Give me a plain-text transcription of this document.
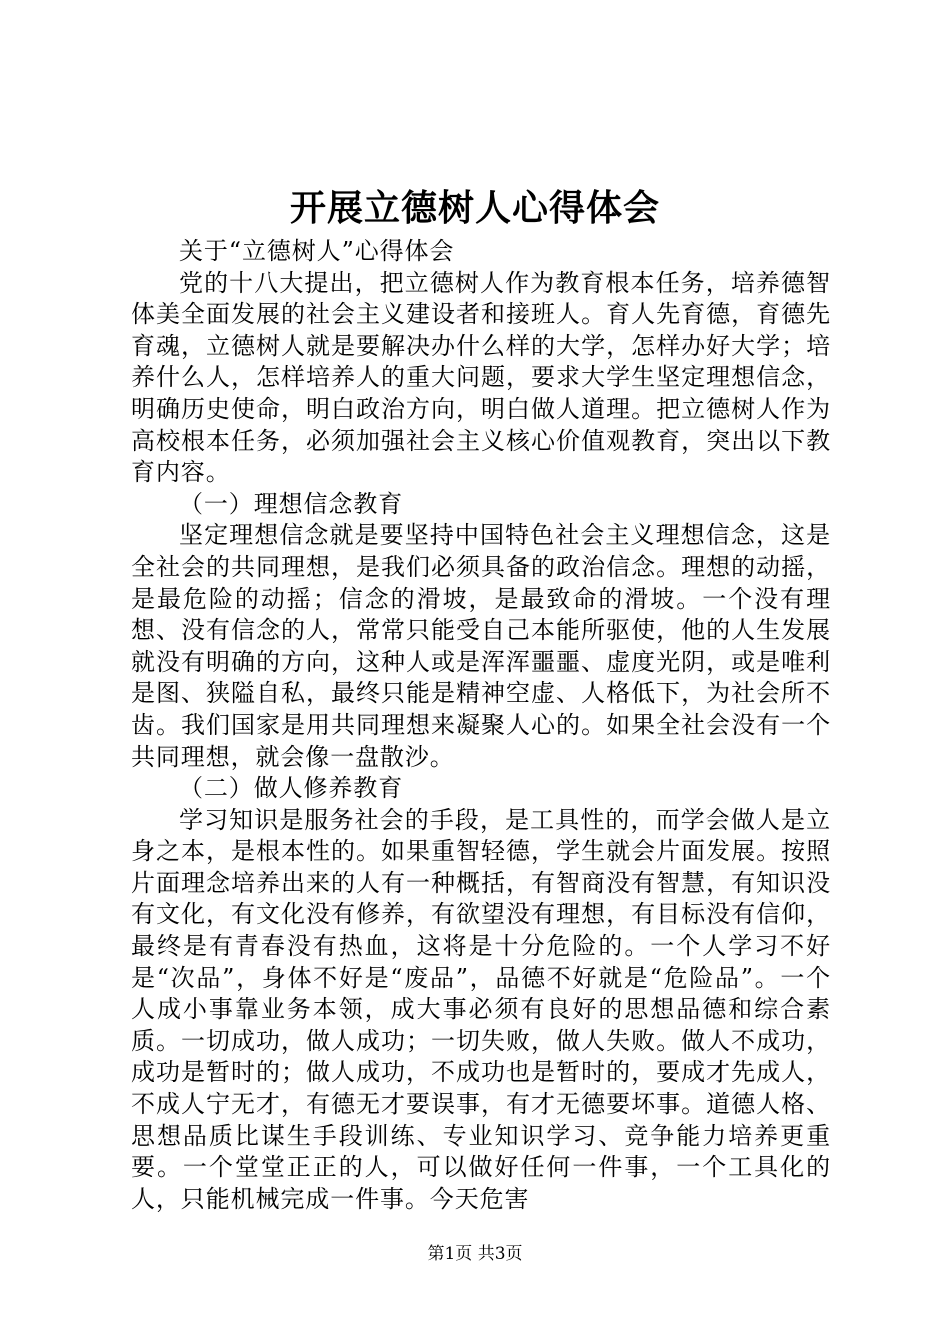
开展立德树人心得体会

关于“立德树人”心得体会

党的十八大提出，把立德树人作为教育根本任务，培养德智体美全面发展的社会主义建设者和接班人。育人先育德，育德先育魂，立德树人就是要解决办什么样的大学，怎样办好大学；培养什么人，怎样培养人的重大问题，要求大学生坚定理想信念，明确历史使命，明白政治方向，明白做人道理。把立德树人作为高校根本任务，必须加强社会主义核心价值观教育，突出以下教育内容。

（一）理想信念教育

坚定理想信念就是要坚持中国特色社会主义理想信念，这是全社会的共同理想，是我们必须具备的政治信念。理想的动摇，是最危险的动摇；信念的滑坡，是最致命的滑坡。一个没有理想、没有信念的人，常常只能受自己本能所驱使，他的人生发展就没有明确的方向，这种人或是浑浑噩噩、虚度光阴，或是唯利是图、狭隘自私，最终只能是精神空虚、人格低下，为社会所不齿。我们国家是用共同理想来凝聚人心的。如果全社会没有一个共同理想，就会像一盘散沙。

（二）做人修养教育

学习知识是服务社会的手段，是工具性的，而学会做人是立身之本，是根本性的。如果重智轻德，学生就会片面发展。按照片面理念培养出来的人有一种概括，有智商没有智慧，有知识没有文化，有文化没有修养，有欲望没有理想，有目标没有信仰，最终是有青春没有热血，这将是十分危险的。一个人学习不好是“次品”，身体不好是“废品”，品德不好就是“危险品”。一个人成小事靠业务本领，成大事必须有良好的思想品德和综合素质。一切成功，做人成功；一切失败，做人失败。做人不成功，成功是暂时的；做人成功，不成功也是暂时的，要成才先成人，不成人宁无才，有德无才要误事，有才无德要坏事。道德人格、思想品质比谋生手段训练、专业知识学习、竞争能力培养更重要。一个堂堂正正的人，可以做好任何一件事，一个工具化的人，只能机械完成一件事。今天危害

第1页 共3页
